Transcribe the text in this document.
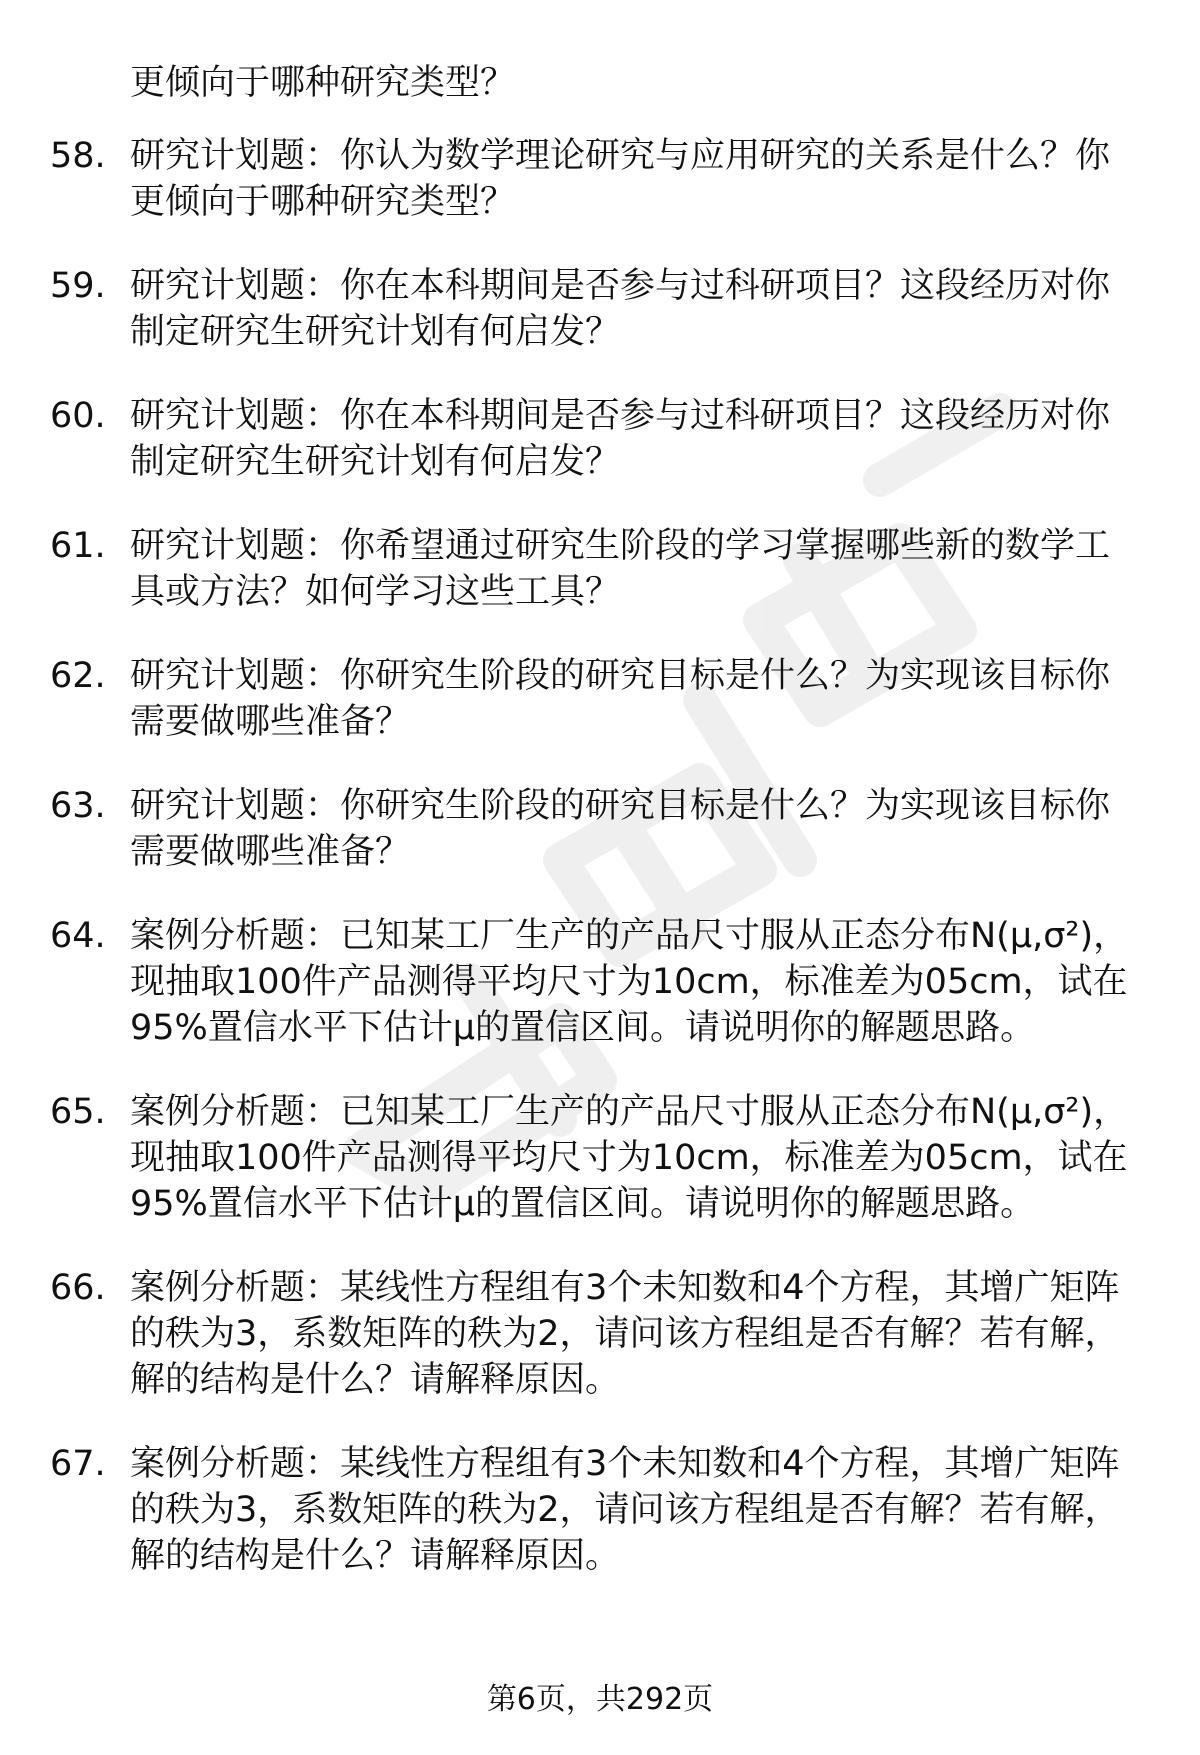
更倾向于哪种研究类型？

58. 研究计划题：你认为数学理论研究与应用研究的关系是什么？你更倾向于哪种研究类型？
59. 研究计划题：你在本科期间是否参与过科研项目？这段经历对你制定研究生研究计划有何启发？
60. 研究计划题：你在本科期间是否参与过科研项目？这段经历对你制定研究生研究计划有何启发？
61. 研究计划题：你希望通过研究生阶段的学习掌握哪些新的数学工具或方法？如何学习这些工具？
62. 研究计划题：你研究生阶段的研究目标是什么？为实现该目标你需要做哪些准备？
63. 研究计划题：你研究生阶段的研究目标是什么？为实现该目标你需要做哪些准备？
64. 案例分析题：已知某工厂生产的产品尺寸服从正态分布N(μ,σ²)，现抽取100件产品测得平均尺寸为10cm，标准差为05cm，试在95%置信水平下估计μ的置信区间。请说明你的解题思路。
65. 案例分析题：已知某工厂生产的产品尺寸服从正态分布N(μ,σ²)，现抽取100件产品测得平均尺寸为10cm，标准差为05cm，试在95%置信水平下估计μ的置信区间。请说明你的解题思路。
66. 案例分析题：某线性方程组有3个未知数和4个方程，其增广矩阵的秩为3，系数矩阵的秩为2，请问该方程组是否有解？若有解，解的结构是什么？请解释原因。
67. 案例分析题：某线性方程组有3个未知数和4个方程，其增广矩阵的秩为3，系数矩阵的秩为2，请问该方程组是否有解？若有解，解的结构是什么？请解释原因。
第6页，共292页
